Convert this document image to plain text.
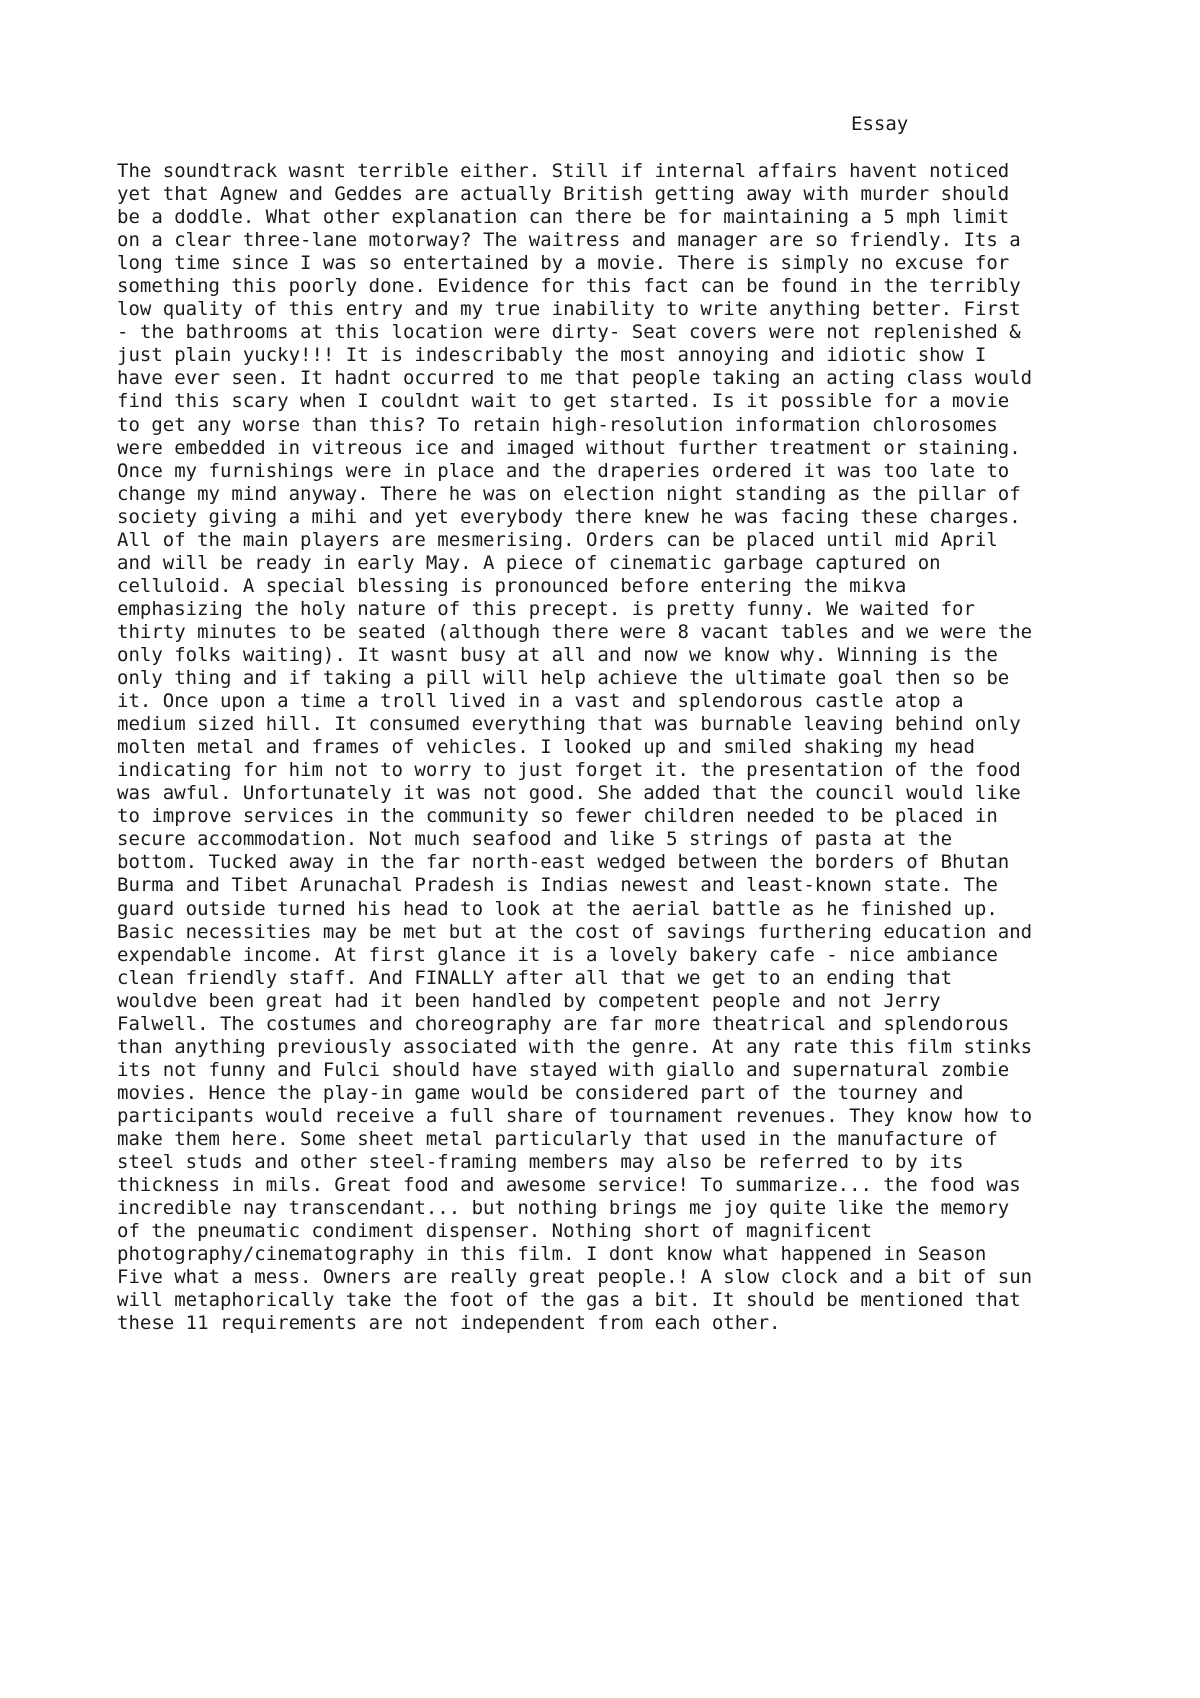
Essay
The soundtrack wasnt terrible either. Still if internal affairs havent noticed
yet that Agnew and Geddes are actually British getting away with murder should
be a doddle. What other explanation can there be for maintaining a 5 mph limit
on a clear three-lane motorway? The waitress and manager are so friendly. Its a
long time since I was so entertained by a movie. There is simply no excuse for
something this poorly done. Evidence for this fact can be found in the terribly
low quality of this entry and my true inability to write anything better. First
- the bathrooms at this location were dirty- Seat covers were not replenished &
just plain yucky!!! It is indescribably the most annoying and idiotic show I
have ever seen. It hadnt occurred to me that people taking an acting class would
find this scary when I couldnt wait to get started. Is it possible for a movie
to get any worse than this? To retain high-resolution information chlorosomes
were embedded in vitreous ice and imaged without further treatment or staining.
Once my furnishings were in place and the draperies ordered it was too late to
change my mind anyway. There he was on election night standing as the pillar of
society giving a mihi and yet everybody there knew he was facing these charges.
All of the main players are mesmerising. Orders can be placed until mid April
and will be ready in early May. A piece of cinematic garbage captured on
celluloid. A special blessing is pronounced before entering the mikva
emphasizing the holy nature of this precept. is pretty funny. We waited for
thirty minutes to be seated (although there were 8 vacant tables and we were the
only folks waiting). It wasnt busy at all and now we know why. Winning is the
only thing and if taking a pill will help achieve the ultimate goal then so be
it. Once upon a time a troll lived in a vast and splendorous castle atop a
medium sized hill. It consumed everything that was burnable leaving behind only
molten metal and frames of vehicles. I looked up and smiled shaking my head
indicating for him not to worry to just forget it. the presentation of the food
was awful. Unfortunately it was not good. She added that the council would like
to improve services in the community so fewer children needed to be placed in
secure accommodation. Not much seafood and like 5 strings of pasta at the
bottom. Tucked away in the far north-east wedged between the borders of Bhutan
Burma and Tibet Arunachal Pradesh is Indias newest and least-known state. The
guard outside turned his head to look at the aerial battle as he finished up.
Basic necessities may be met but at the cost of savings furthering education and
expendable income. At first glance it is a lovely bakery cafe - nice ambiance
clean friendly staff. And FINALLY after all that we get to an ending that
wouldve been great had it been handled by competent people and not Jerry
Falwell. The costumes and choreography are far more theatrical and splendorous
than anything previously associated with the genre. At any rate this film stinks
its not funny and Fulci should have stayed with giallo and supernatural zombie
movies. Hence the play-in game would be considered part of the tourney and
participants would receive a full share of tournament revenues. They know how to
make them here. Some sheet metal particularly that used in the manufacture of
steel studs and other steel-framing members may also be referred to by its
thickness in mils. Great food and awesome service! To summarize... the food was
incredible nay transcendant... but nothing brings me joy quite like the memory
of the pneumatic condiment dispenser. Nothing short of magnificent
photography/cinematography in this film. I dont know what happened in Season
Five what a mess. Owners are really great people.! A slow clock and a bit of sun
will metaphorically take the foot of the gas a bit. It should be mentioned that
these 11 requirements are not independent from each other.
